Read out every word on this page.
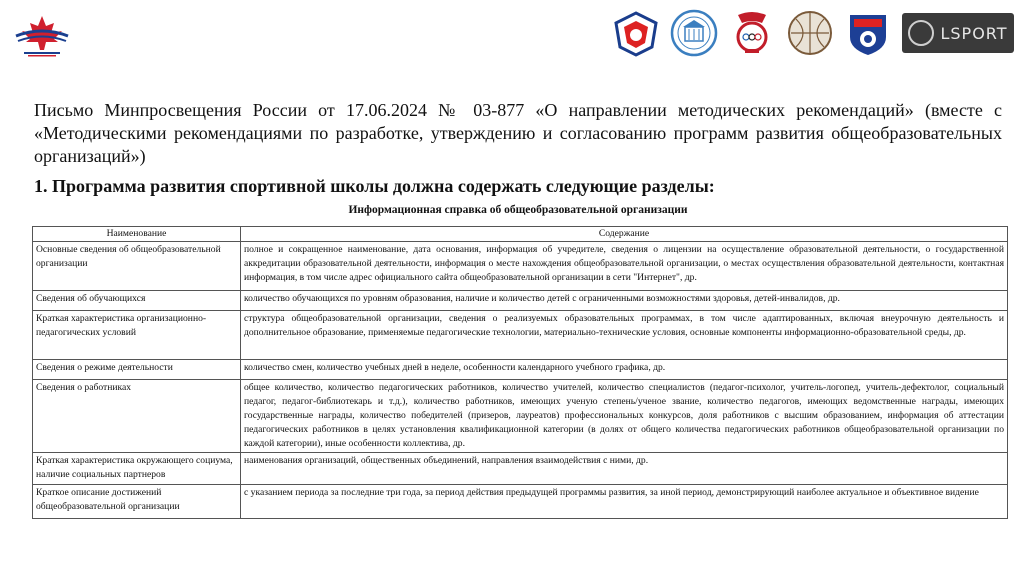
LSPORT
Письмо Минпросвещения России от 17.06.2024 № 03-877 «О направлении методических рекомендаций» (вместе с «Методическими рекомендациями по разработке, утверждению и согласованию программ развития общеобразовательных организаций»)
1. Программа развития спортивной школы должна содержать следующие разделы:
Информационная справка об общеобразовательной организации
Наименование	Содержание
Основные сведения об общеобразовательной организации	полное и сокращенное наименование, дата основания, информация об учредителе, сведения о лицензии на осуществление образовательной деятельности, о государственной аккредитации образовательной деятельности, информация о месте нахождения общеобразовательной организации, о местах осуществления образовательной деятельности, контактная информация, в том числе адрес официального сайта общеобразовательной организации в сети "Интернет", др.
Сведения об обучающихся	количество обучающихся по уровням образования, наличие и количество детей с ограниченными возможностями здоровья, детей-инвалидов, др.
Краткая характеристика организационно-педагогических условий	структура общеобразовательной организации, сведения о реализуемых образовательных программах, в том числе адаптированных, включая внеурочную деятельность и дополнительное образование, применяемые педагогические технологии, материально-технические условия, основные компоненты информационно-образовательной среды, др.
Сведения о режиме деятельности	количество смен, количество учебных дней в неделе, особенности календарного учебного графика, др.
Сведения о работниках	общее количество, количество педагогических работников, количество учителей, количество специалистов (педагог-психолог, учитель-логопед, учитель-дефектолог, социальный педагог, педагог-библиотекарь и т.д.), количество работников, имеющих ученую степень/ученое звание, количество педагогов, имеющих ведомственные награды, имеющих государственные награды, количество победителей (призеров, лауреатов) профессиональных конкурсов, доля работников с высшим образованием, информация об аттестации педагогических работников в целях установления квалификационной категории (в долях от общего количества педагогических работников общеобразовательной организации по каждой категории), иные особенности коллектива, др.
Краткая характеристика окружающего социума, наличие социальных партнеров	наименования организаций, общественных объединений, направления взаимодействия с ними, др.
Краткое описание достижений общеобразовательной организации	с указанием периода за последние три года, за период действия предыдущей программы развития, за иной период, демонстрирующий наиболее актуальное и объективное видение
